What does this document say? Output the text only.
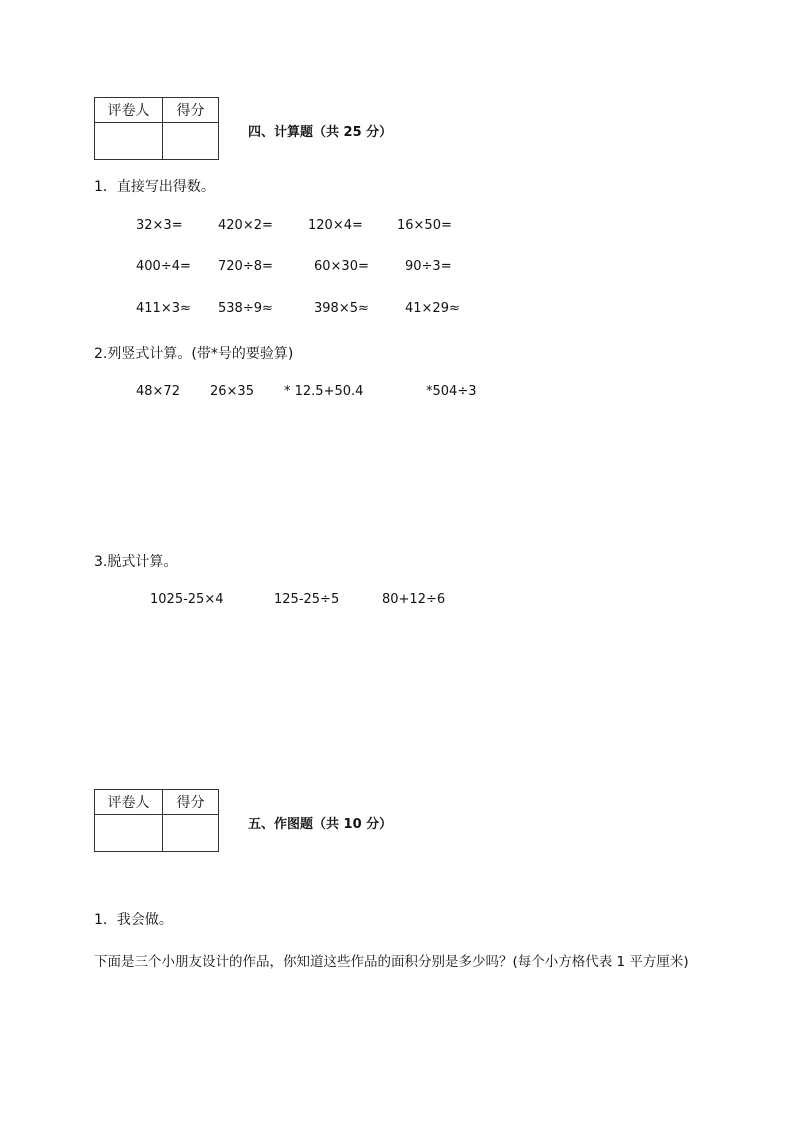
评卷人	得分

四、计算题（共 25 分）
1．直接写出得数。
32×3=	420×2=	120×4=	16×50=
400÷4= 720÷8=	60×30=	90÷3=
411×3≈ 538÷9≈	398×5≈	41×29≈
2.列竖式计算。(带*号的要验算)
48×72 26×35 * 12.5+50.4	*504÷3
3.脱式计算。
1025-25×4	125-25÷5	80+12÷6
评卷人	得分

五、作图题（共 10 分）
1．我会做。
下面是三个小朋友设计的作品，你知道这些作品的面积分别是多少吗？(每个小方格代表 1 平方厘米)
